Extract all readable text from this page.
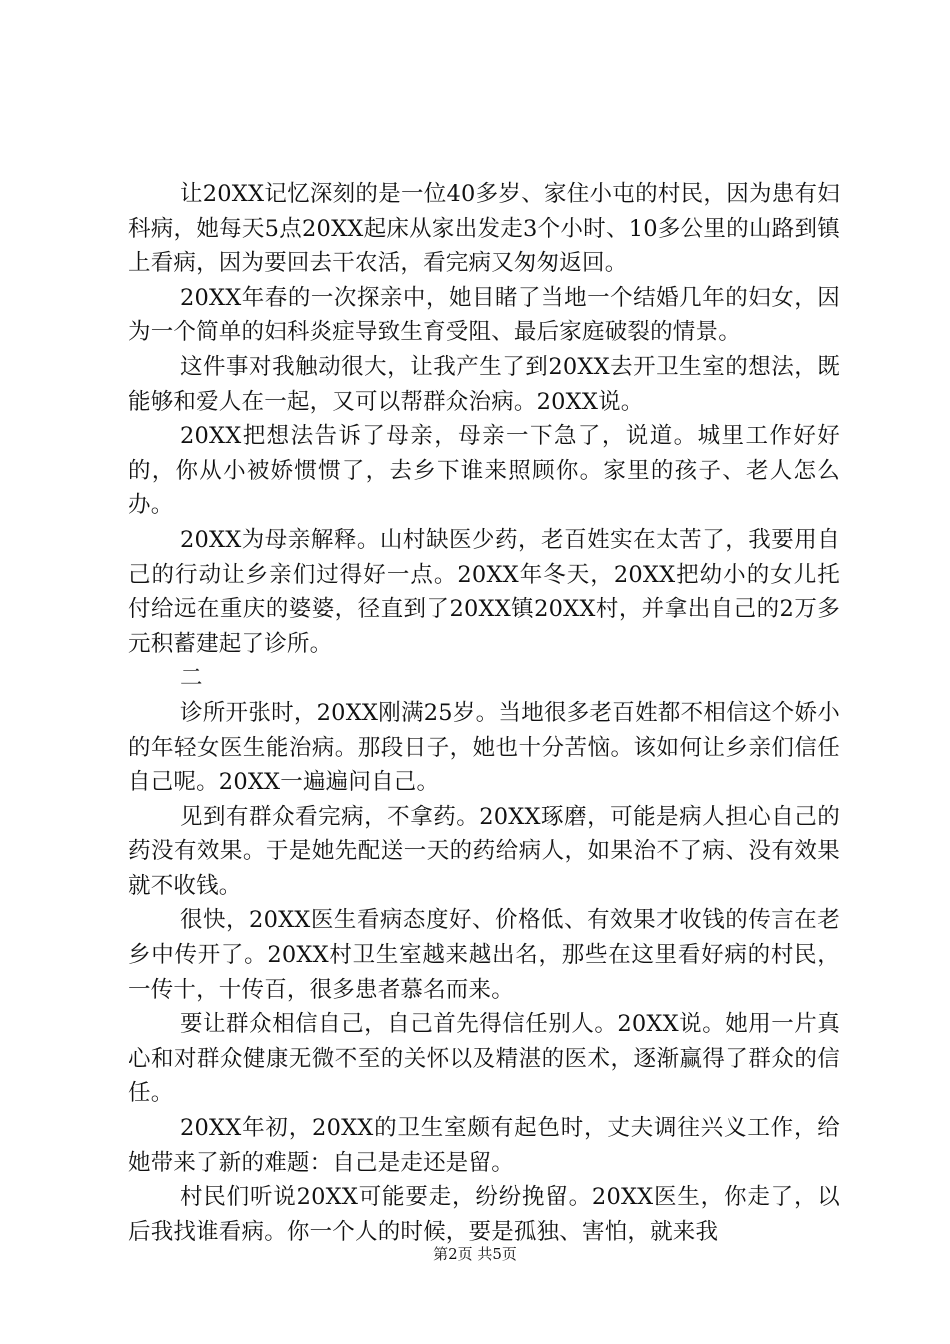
让20XX记忆深刻的是一位40多岁、家住小屯的村民，因为患有妇科病，她每天5点20XX起床从家出发走3个小时、10多公里的山路到镇上看病，因为要回去干农活，看完病又匆匆返回。

20XX年春的一次探亲中，她目睹了当地一个结婚几年的妇女，因为一个简单的妇科炎症导致生育受阻、最后家庭破裂的情景。

这件事对我触动很大，让我产生了到20XX去开卫生室的想法，既能够和爱人在一起，又可以帮群众治病。20XX说。

20XX把想法告诉了母亲，母亲一下急了，说道。城里工作好好的，你从小被娇惯惯了，去乡下谁来照顾你。家里的孩子、老人怎么办。

20XX为母亲解释。山村缺医少药，老百姓实在太苦了，我要用自己的行动让乡亲们过得好一点。20XX年冬天，20XX把幼小的女儿托付给远在重庆的婆婆，径直到了20XX镇20XX村，并拿出自己的2万多元积蓄建起了诊所。

二

诊所开张时，20XX刚满25岁。当地很多老百姓都不相信这个娇小的年轻女医生能治病。那段日子，她也十分苦恼。该如何让乡亲们信任自己呢。20XX一遍遍问自己。

见到有群众看完病，不拿药。20XX琢磨，可能是病人担心自己的药没有效果。于是她先配送一天的药给病人，如果治不了病、没有效果就不收钱。

很快，20XX医生看病态度好、价格低、有效果才收钱的传言在老乡中传开了。20XX村卫生室越来越出名，那些在这里看好病的村民，一传十，十传百，很多患者慕名而来。

要让群众相信自己，自己首先得信任别人。20XX说。她用一片真心和对群众健康无微不至的关怀以及精湛的医术，逐渐赢得了群众的信任。

20XX年初，20XX的卫生室颇有起色时，丈夫调往兴义工作，给她带来了新的难题：自己是走还是留。

村民们听说20XX可能要走，纷纷挽留。20XX医生，你走了，以后我找谁看病。你一个人的时候，要是孤独、害怕，就来我

第2页 共5页
